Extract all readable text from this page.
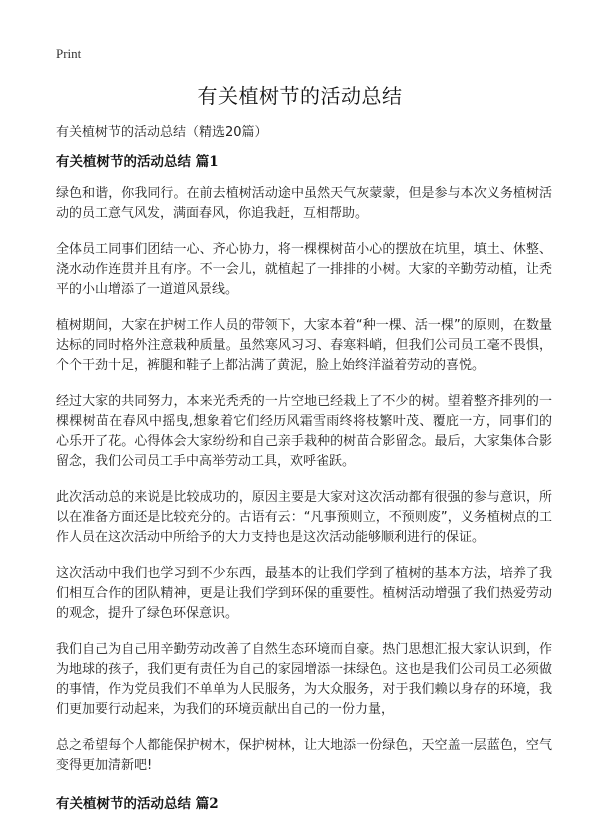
Print
有关植树节的活动总结
有关植树节的活动总结（精选20篇）
有关植树节的活动总结 篇1

绿色和谐，你我同行。在前去植树活动途中虽然天气灰蒙蒙，但是参与本次义务植树活动的员工意气风发，满面春风，你追我赶，互相帮助。

全体员工同事们团结一心、齐心协力，将一棵棵树苗小心的摆放在坑里，填土、休整、浇水动作连贯并且有序。不一会儿，就植起了一排排的小树。大家的辛勤劳动植，让秃平的小山增添了一道道风景线。

植树期间，大家在护树工作人员的带领下，大家本着“种一棵、活一棵”的原则，在数量达标的同时格外注意栽种质量。虽然寒风习习、春寒料峭，但我们公司员工毫不畏惧，个个干劲十足，裤腿和鞋子上都沾满了黄泥，脸上始终洋溢着劳动的喜悦。

经过大家的共同努力，本来光秃秃的一片空地已经栽上了不少的树。望着整齐排列的一棵棵树苗在春风中摇曳,想象着它们经历风霜雪雨终将枝繁叶茂、覆庇一方，同事们的心乐开了花。心得体会大家纷纷和自己亲手栽种的树苗合影留念。最后，大家集体合影留念，我们公司员工手中高举劳动工具，欢呼雀跃。

此次活动总的来说是比较成功的，原因主要是大家对这次活动都有很强的参与意识，所以在准备方面还是比较充分的。古语有云：“凡事预则立，不预则废”，义务植树点的工作人员在这次活动中所给予的大力支持也是这次活动能够顺利进行的保证。

这次活动中我们也学习到不少东西，最基本的让我们学到了植树的基本方法，培养了我们相互合作的团队精神，更是让我们学到环保的重要性。植树活动增强了我们热爱劳动的观念，提升了绿色环保意识。

我们自己为自己用辛勤劳动改善了自然生态环境而自豪。热门思想汇报大家认识到，作为地球的孩子，我们更有责任为自己的家园增添一抹绿色。这也是我们公司员工必须做的事情，作为党员我们不单单为人民服务，为大众服务，对于我们赖以身存的环境，我们更加要行动起来，为我们的环境贡献出自己的一份力量，

总之希望每个人都能保护树木，保护树林，让大地添一份绿色，天空盖一层蓝色，空气变得更加清新吧!

有关植树节的活动总结 篇2
